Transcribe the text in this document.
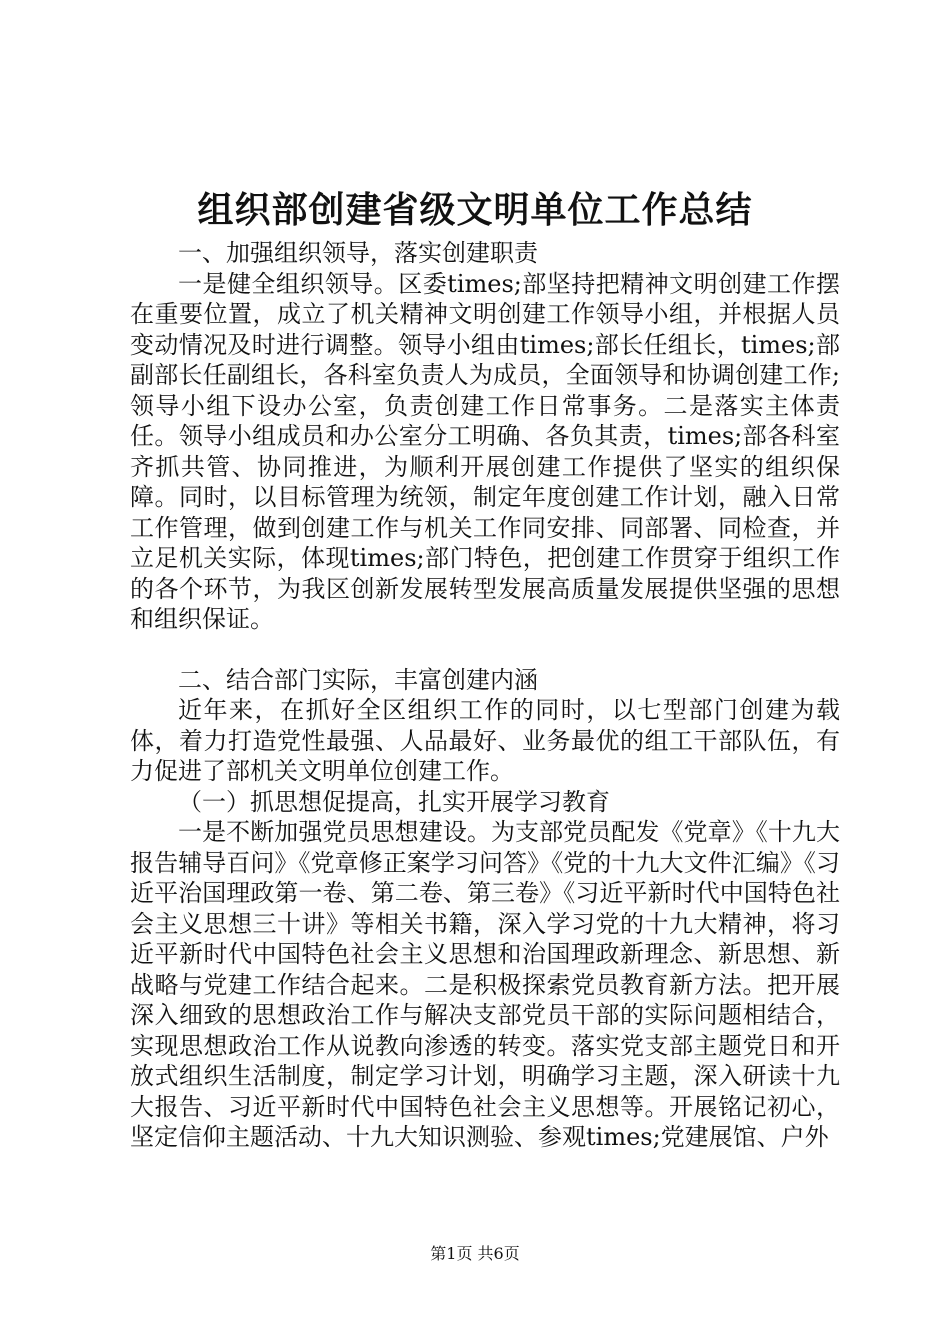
组织部创建省级文明单位工作总结

一、加强组织领导，落实创建职责

一是健全组织领导。区委times;部坚持把精神文明创建工作摆在重要位置，成立了机关精神文明创建工作领导小组，并根据人员变动情况及时进行调整。领导小组由times;部长任组长，times;部副部长任副组长，各科室负责人为成员，全面领导和协调创建工作;领导小组下设办公室，负责创建工作日常事务。二是落实主体责任。领导小组成员和办公室分工明确、各负其责，times;部各科室齐抓共管、协同推进，为顺利开展创建工作提供了坚实的组织保障。同时，以目标管理为统领，制定年度创建工作计划，融入日常工作管理，做到创建工作与机关工作同安排、同部署、同检查，并立足机关实际，体现times;部门特色，把创建工作贯穿于组织工作的各个环节，为我区创新发展转型发展高质量发展提供坚强的思想和组织保证。

二、结合部门实际，丰富创建内涵

近年来，在抓好全区组织工作的同时，以七型部门创建为载体，着力打造党性最强、人品最好、业务最优的组工干部队伍，有力促进了部机关文明单位创建工作。

（一）抓思想促提高，扎实开展学习教育

一是不断加强党员思想建设。为支部党员配发《党章》《十九大报告辅导百问》《党章修正案学习问答》《党的十九大文件汇编》《习近平治国理政第一卷、第二卷、第三卷》《习近平新时代中国特色社会主义思想三十讲》等相关书籍，深入学习党的十九大精神，将习近平新时代中国特色社会主义思想和治国理政新理念、新思想、新战略与党建工作结合起来。二是积极探索党员教育新方法。把开展深入细致的思想政治工作与解决支部党员干部的实际问题相结合，实现思想政治工作从说教向渗透的转变。落实党支部主题党日和开放式组织生活制度，制定学习计划，明确学习主题，深入研读十九大报告、习近平新时代中国特色社会主义思想等。开展铭记初心，坚定信仰主题活动、十九大知识测验、参观times;党建展馆、户外

第1页 共6页
